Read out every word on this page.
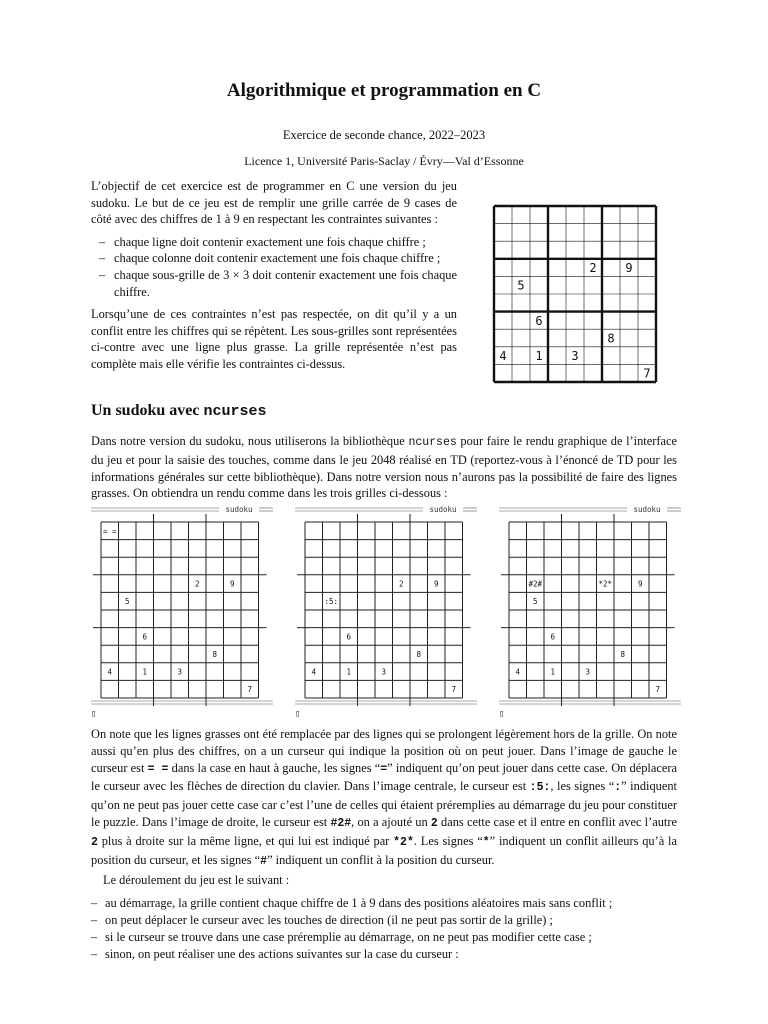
Algorithmique et programmation en C
Exercice de seconde chance, 2022–2023
Licence 1, Université Paris-Saclay / Évry—Val d’Essonne

L’objectif de cet exercice est de programmer en C une version du jeu sudoku. Le but de ce jeu est de remplir une grille carrée de 9 cases de côté avec des chiffres de 1 à 9 en respectant les contraintes suivantes :

– chaque ligne doit contenir exactement une fois chaque chiffre ;
– chaque colonne doit contenir exactement une fois chaque chiffre ;
– chaque sous-grille de 3 × 3 doit contenir exactement une fois chaque chiffre.

Lorsqu’une de ces contraintes n’est pas respectée, on dit qu’il y a un conflit entre les chiffres qui se répètent. Les sous-grilles sont représentées ci-contre avec une ligne plus grasse. La grille représentée n’est pas complète mais elle vérifie les contraintes ci-dessus.

2 9
5
6
8
4 1 3
7
Un sudoku avec ncurses
Dans notre version du sudoku, nous utiliserons la bibliothèque ncurses pour faire le rendu graphique de l’interface du jeu et pour la saisie des touches, comme dans le jeu 2048 réalisé en TD (reportez-vous à l’énoncé de TD pour les informations générales sur cette bibliothèque). Dans notre version nous n’aurons pas la possibilité de faire des lignes grasses. On obtiendra un rendu comme dans les trois grilles ci-dessous :
sudoku
= =
2	9
5
6
8
4	1	3
7
▯
sudoku
2	9
:5:
6
8
4	1	3
7
▯
sudoku
#2#	*2*	9
5
6
8
4	1	3
7
▯

On note que les lignes grasses ont été remplacée par des lignes qui se prolongent légèrement hors de la grille. On note aussi qu’en plus des chiffres, on a un curseur qui indique la position où on peut jouer. Dans l’image de gauche le curseur est = = dans la case en haut à gauche, les signes “=” indiquent qu’on peut jouer dans cette case. On déplacera le curseur avec les flèches de direction du clavier. Dans l’image centrale, le curseur est :5:, les signes “:” indiquent qu’on ne peut pas jouer cette case car c’est l’une de celles qui étaient préremplies au démarrage du jeu pour constituer le puzzle. Dans l’image de droite, le curseur est #2#, on a ajouté un 2 dans cette case et il entre en conflit avec l’autre 2 plus à droite sur la même ligne, et qui lui est indiqué par *2*. Les signes “*” indiquent un conflit ailleurs qu’à la position du curseur, et les signes “#” indiquent un conflit à la position du curseur.

Le déroulement du jeu est le suivant :

– au démarrage, la grille contient chaque chiffre de 1 à 9 dans des positions aléatoires mais sans conflit ;
– on peut déplacer le curseur avec les touches de direction (il ne peut pas sortir de la grille) ;
– si le curseur se trouve dans une case préremplie au démarrage, on ne peut pas modifier cette case ;
– sinon, on peut réaliser une des actions suivantes sur la case du curseur :
